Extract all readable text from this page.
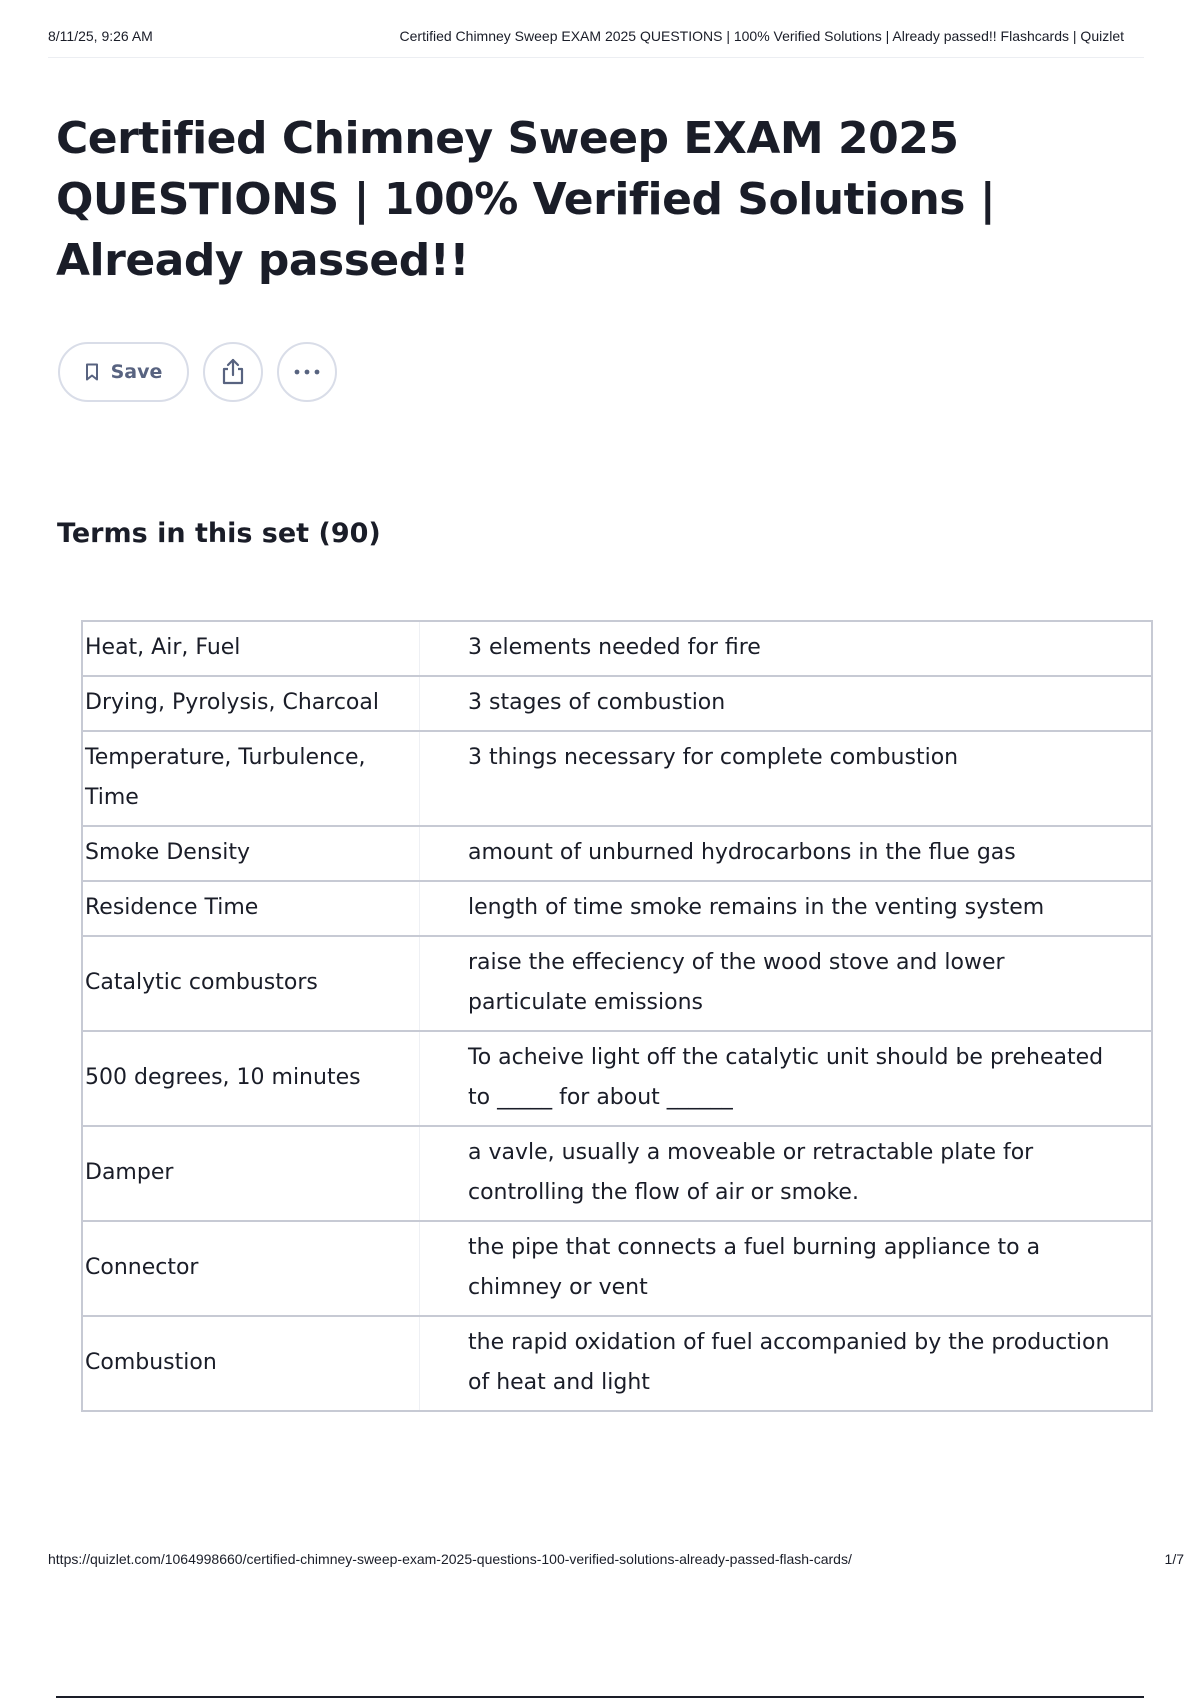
8/11/25, 9:26 AM	Certified Chimney Sweep EXAM 2025 QUESTIONS | 100% Verified Solutions | Already passed!! Flashcards | Quizlet
Certified Chimney Sweep EXAM 2025 QUESTIONS | 100% Verified Solutions | Already passed!!
Save
Terms in this set (90)
Heat, Air, Fuel	3 elements needed for fire
Drying, Pyrolysis, Charcoal	3 stages of combustion
Temperature, Turbulence, Time	3 things necessary for complete combustion
Smoke Density	amount of unburned hydrocarbons in the flue gas
Residence Time	length of time smoke remains in the venting system
Catalytic combustors	raise the effeciency of the wood stove and lower particulate emissions
500 degrees, 10 minutes	To acheive light off the catalytic unit should be preheated to _____ for about ______
Damper	a vavle, usually a moveable or retractable plate for controlling the flow of air or smoke.
Connector	the pipe that connects a fuel burning appliance to a chimney or vent
Combustion	the rapid oxidation of fuel accompanied by the production of heat and light
https://quizlet.com/1064998660/certified-chimney-sweep-exam-2025-questions-100-verified-solutions-already-passed-flash-cards/	1/7
